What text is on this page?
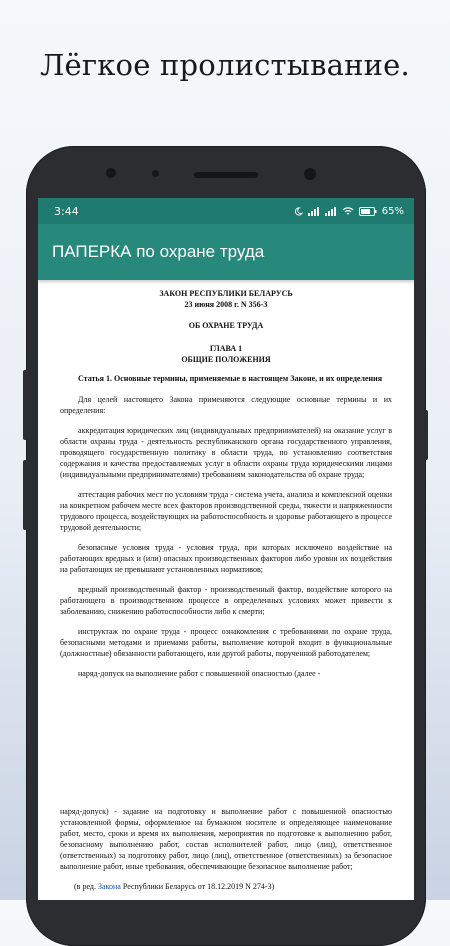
Лёгкое пролистывание.
3:44	65%
ПАПЕРКА по охране труда
ЗАКОН РЕСПУБЛИКИ БЕЛАРУСЬ
23 июня 2008 г. N 356-З
ОБ ОХРАНЕ ТРУДА
ГЛАВА 1
ОБЩИЕ ПОЛОЖЕНИЯ
Статья 1. Основные термины, применяемые в настоящем Законе, и их определения

Для целей настоящего Закона применяются следующие основные термины и их определения:

аккредитация юридических лиц (индивидуальных предпринимателей) на оказание услуг в области охраны труда - деятельность республиканского органа государственного управления, проводящего государственную политику в области труда, по установлению соответствия содержания и качества предоставляемых услуг в области охраны труда юридическими лицами (индивидуальными предпринимателями) требованиям законодательства об охране труда;

аттестация рабочих мест по условиям труда - система учета, анализа и комплексной оценки на конкретном рабочем месте всех факторов производственной среды, тяжести и напряженности трудового процесса, воздействующих на работоспособность и здоровье работающего в процессе трудовой деятельности;

безопасные условия труда - условия труда, при которых исключено воздействие на работающих вредных и (или) опасных производственных факторов либо уровни их воздействия на работающих не превышают установленных нормативов;

вредный производственный фактор - производственный фактор, воздействие которого на работающего в производственном процессе в определенных условиях может привести к заболеванию, снижению работоспособности либо к смерти;

инструктаж по охране труда - процесс ознакомления с требованиями по охране труда, безопасными методами и приемами работы, выполнение которой входит в функциональные (должностные) обязанности работающего, или другой работы, порученной работодателем;

наряд-допуск на выполнение работ с повышенной опасностью (далее -

наряд-допуск) - задание на подготовку и выполнение работ с повышенной опасностью установленной формы, оформленное на бумажном носителе и определяющее наименование работ, место, сроки и время их выполнения, мероприятия по подготовке к выполнению работ, безопасному выполнению работ, состав исполнителей работ, лицо (лиц), ответственное (ответственных) за подготовку работ, лицо (лиц), ответственное (ответственных) за безопасное выполнение работ, иные требования, обеспечивающие безопасное выполнение работ;

(в ред. Закона Республики Беларусь от 18.12.2019 N 274-З)
